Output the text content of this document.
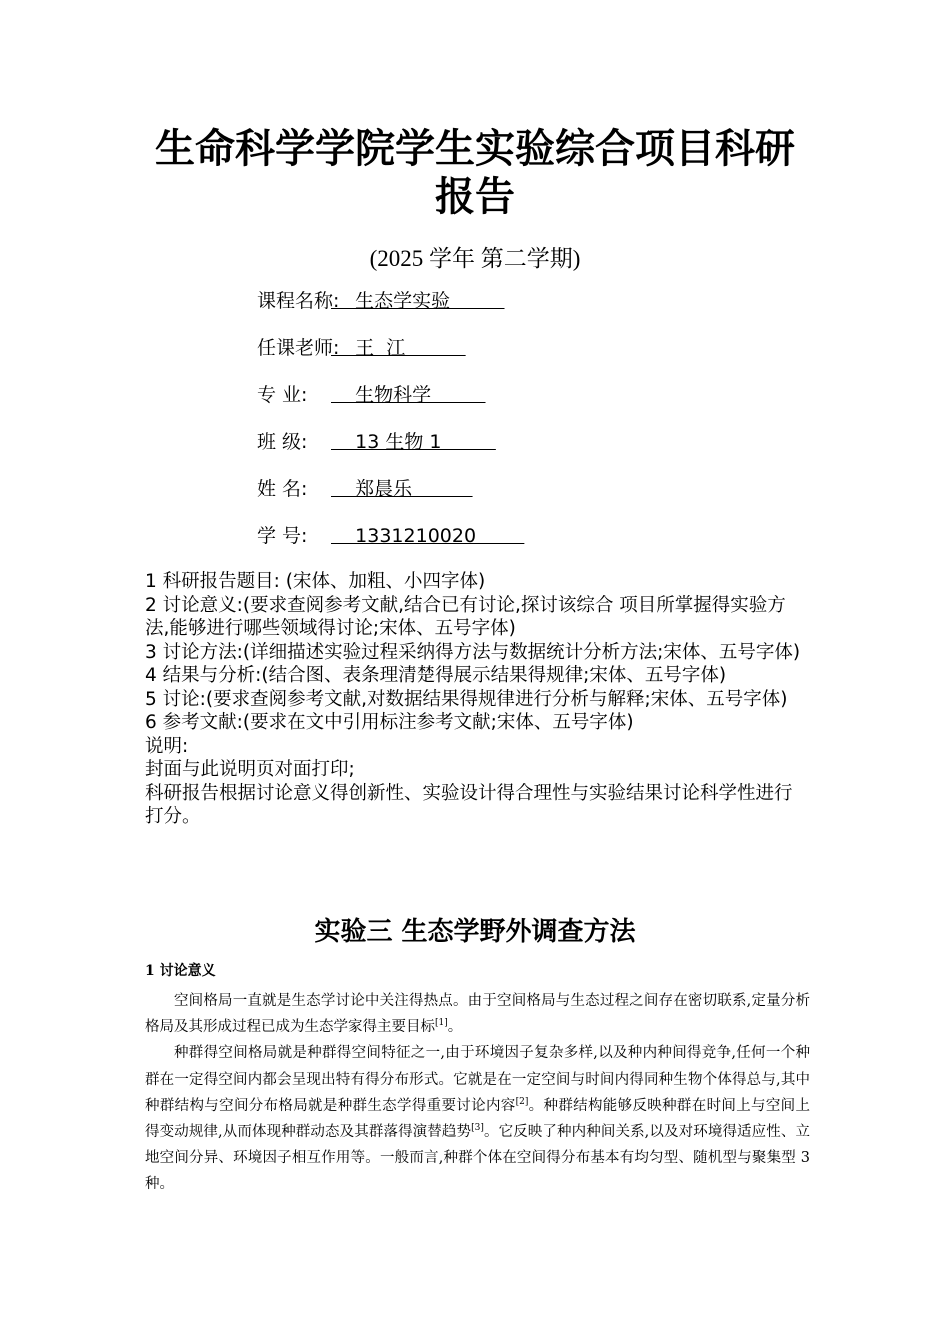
生命科学学院学生实验综合项目科研报告
(2025 学年 第二学期)
课程名称:    生态学实验
任课老师:    王  江
专 业:    生物科学
班 级:    13 生物 1
姓 名:    郑晨乐
学 号:    1331210020

1 科研报告题目: (宋体、加粗、小四字体)

2 讨论意义:(要求查阅参考文献,结合已有讨论,探讨该综合 项目所掌握得实验方法,能够进行哪些领域得讨论;宋体、五号字体)

3 讨论方法:(详细描述实验过程采纳得方法与数据统计分析方法;宋体、五号字体)

4 结果与分析:(结合图、表条理清楚得展示结果得规律;宋体、五号字体)

5 讨论:(要求查阅参考文献,对数据结果得规律进行分析与解释;宋体、五号字体)

6 参考文献:(要求在文中引用标注参考文献;宋体、五号字体)

说明:

封面与此说明页对面打印;

科研报告根据讨论意义得创新性、实验设计得合理性与实验结果讨论科学性进行打分。

实验三 生态学野外调查方法
1 讨论意义

空间格局一直就是生态学讨论中关注得热点。由于空间格局与生态过程之间存在密切联系,定量分析格局及其形成过程已成为生态学家得主要目标[1]。

种群得空间格局就是种群得空间特征之一,由于环境因子复杂多样,以及种内种间得竞争,任何一个种群在一定得空间内都会呈现出特有得分布形式。它就是在一定空间与时间内得同种生物个体得总与,其中种群结构与空间分布格局就是种群生态学得重要讨论内容[2]。种群结构能够反映种群在时间上与空间上得变动规律,从而体现种群动态及其群落得演替趋势[3]。它反映了种内种间关系,以及对环境得适应性、立地空间分异、环境因子相互作用等。一般而言,种群个体在空间得分布基本有均匀型、随机型与聚集型 3 种。
